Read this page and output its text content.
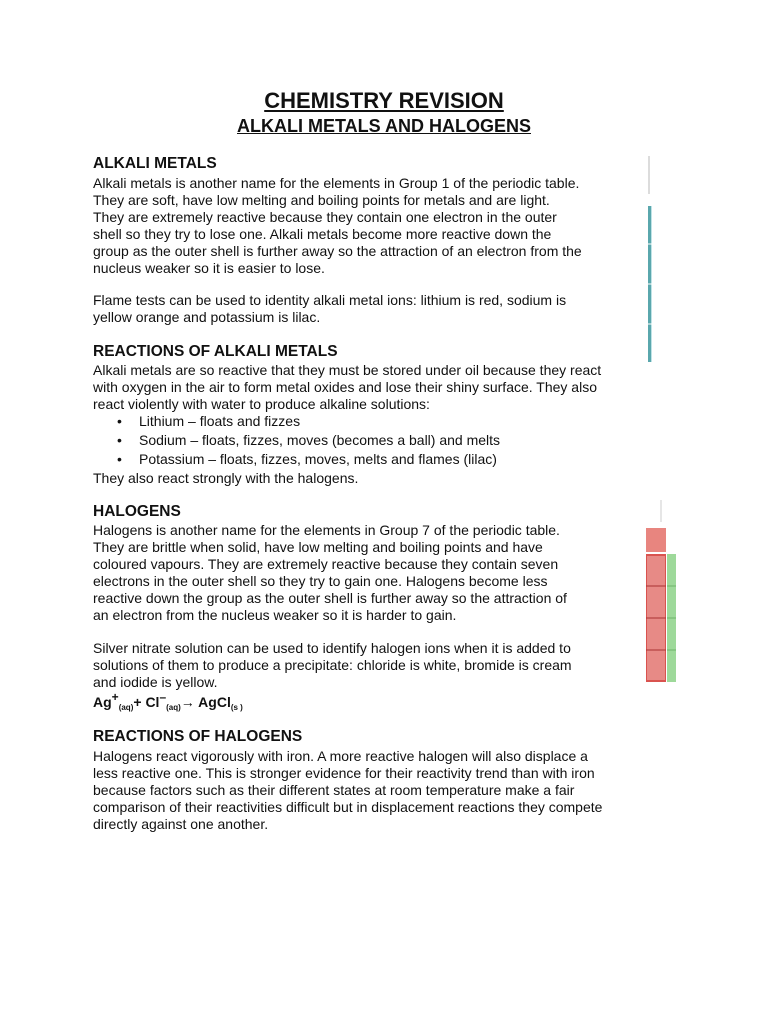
CHEMISTRY REVISION
ALKALI METALS AND HALOGENS
ALKALI METALS

Alkali metals is another name for the elements in Group 1 of the periodic table.
They are soft, have low melting and boiling points for metals and are light.
They are extremely reactive because they contain one electron in the outer
shell so they try to lose one. Alkali metals become more reactive down the
group as the outer shell is further away so the attraction of an electron from the
nucleus weaker so it is easier to lose.

Flame tests can be used to identity alkali metal ions: lithium is red, sodium is
yellow orange and potassium is lilac.

REACTIONS OF ALKALI METALS

Alkali metals are so reactive that they must be stored under oil because they react
with oxygen in the air to form metal oxides and lose their shiny surface. They also
react violently with water to produce alkaline solutions:

• Lithium – floats and fizzes
• Sodium – floats, fizzes, moves (becomes a ball) and melts
• Potassium – floats, fizzes, moves, melts and flames (lilac)

They also react strongly with the halogens.

HALOGENS

Halogens is another name for the elements in Group 7 of the periodic table.
They are brittle when solid, have low melting and boiling points and have
coloured vapours. They are extremely reactive because they contain seven
electrons in the outer shell so they try to gain one. Halogens become less
reactive down the group as the outer shell is further away so the attraction of
an electron from the nucleus weaker so it is harder to gain.

Silver nitrate solution can be used to identify halogen ions when it is added to
solutions of them to produce a precipitate: chloride is white, bromide is cream
and iodide is yellow.

$Ag^+_{(aq)}+ Cl^-_{(aq)}\to$ AgCl$_{(s )}$
REACTIONS OF HALOGENS

Halogens react vigorously with iron. A more reactive halogen will also displace a
less reactive one. This is stronger evidence for their reactivity trend than with iron
because factors such as their different states at room temperature make a fair
comparison of their reactivities difficult but in displacement reactions they compete
directly against one another.
